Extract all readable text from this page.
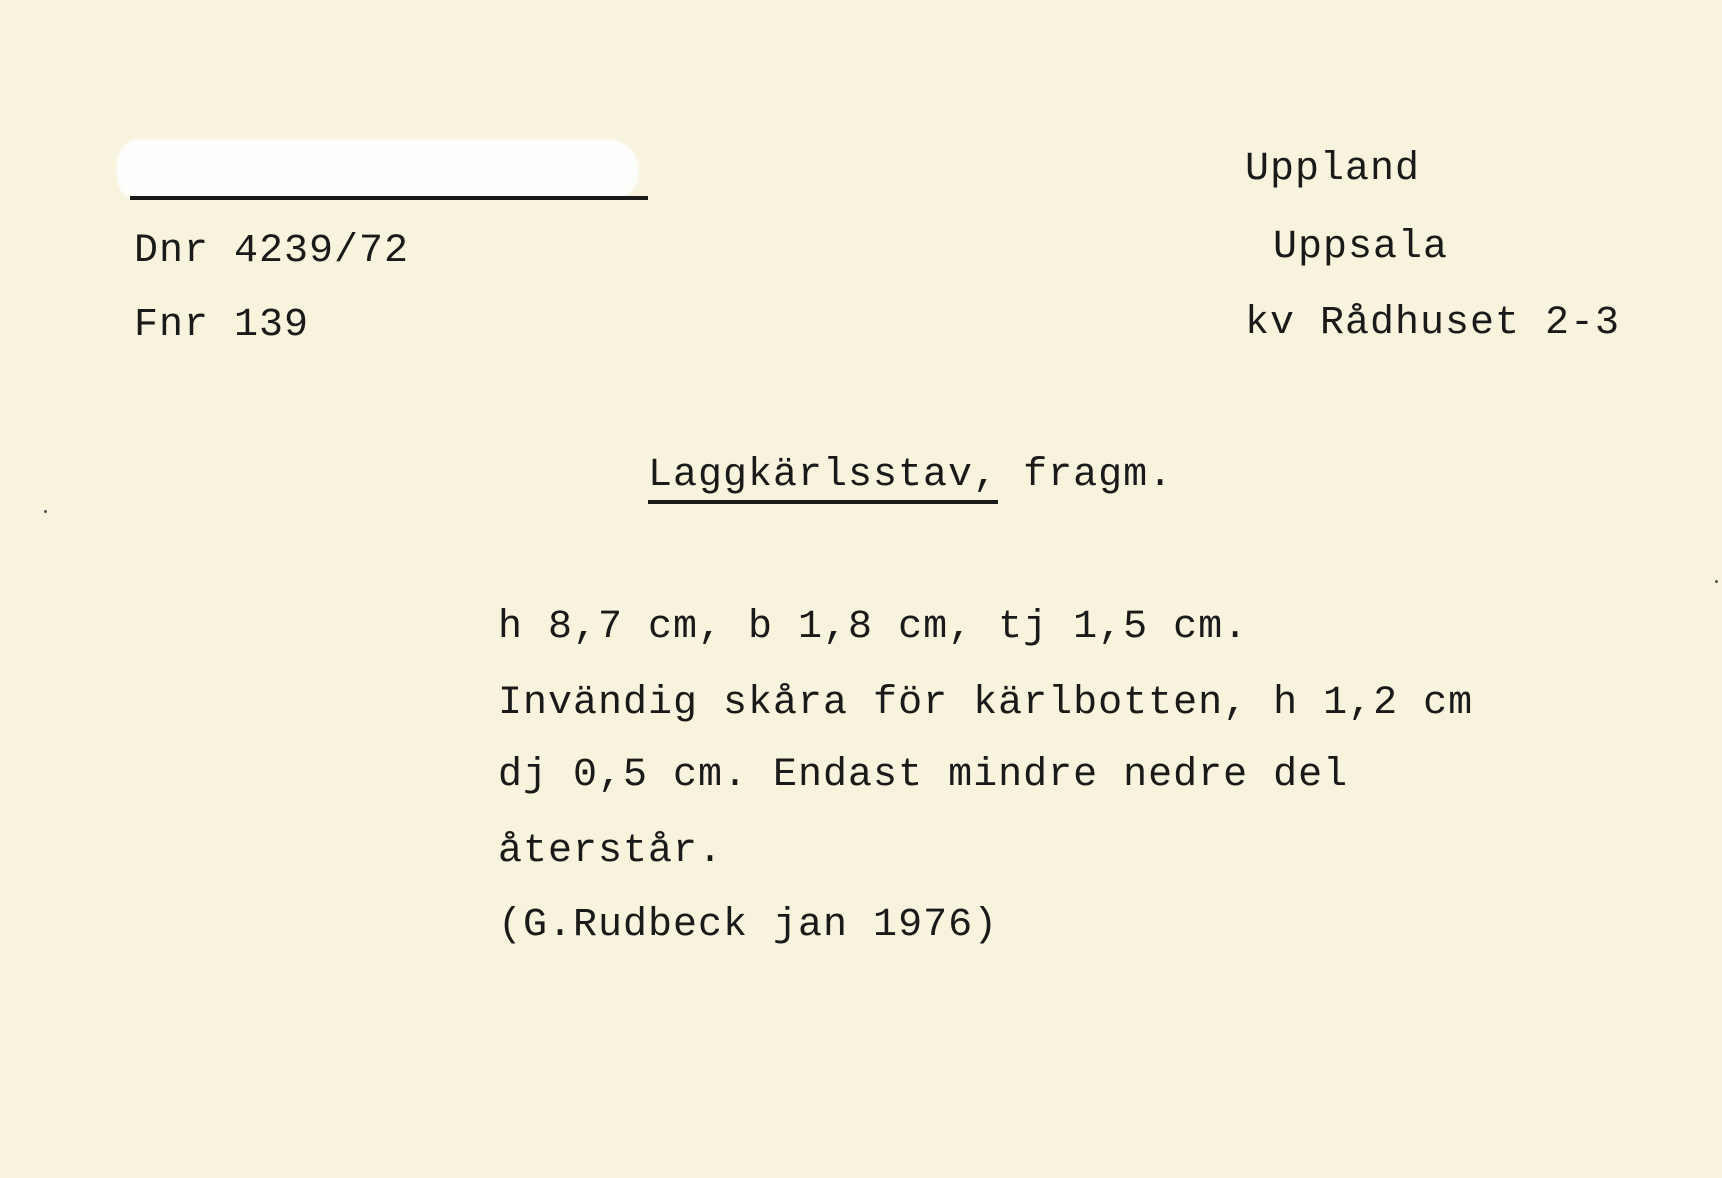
Dnr 4239/72
Fnr 139
Uppland
Uppsala
kv Rådhuset 2-3
Laggkärlsstav, fragm.
h 8,7 cm, b 1,8 cm, tj 1,5 cm.
Invändig skåra för kärlbotten, h 1,2 cm
dj 0,5 cm. Endast mindre nedre del
återstår.
(G.Rudbeck jan 1976)
